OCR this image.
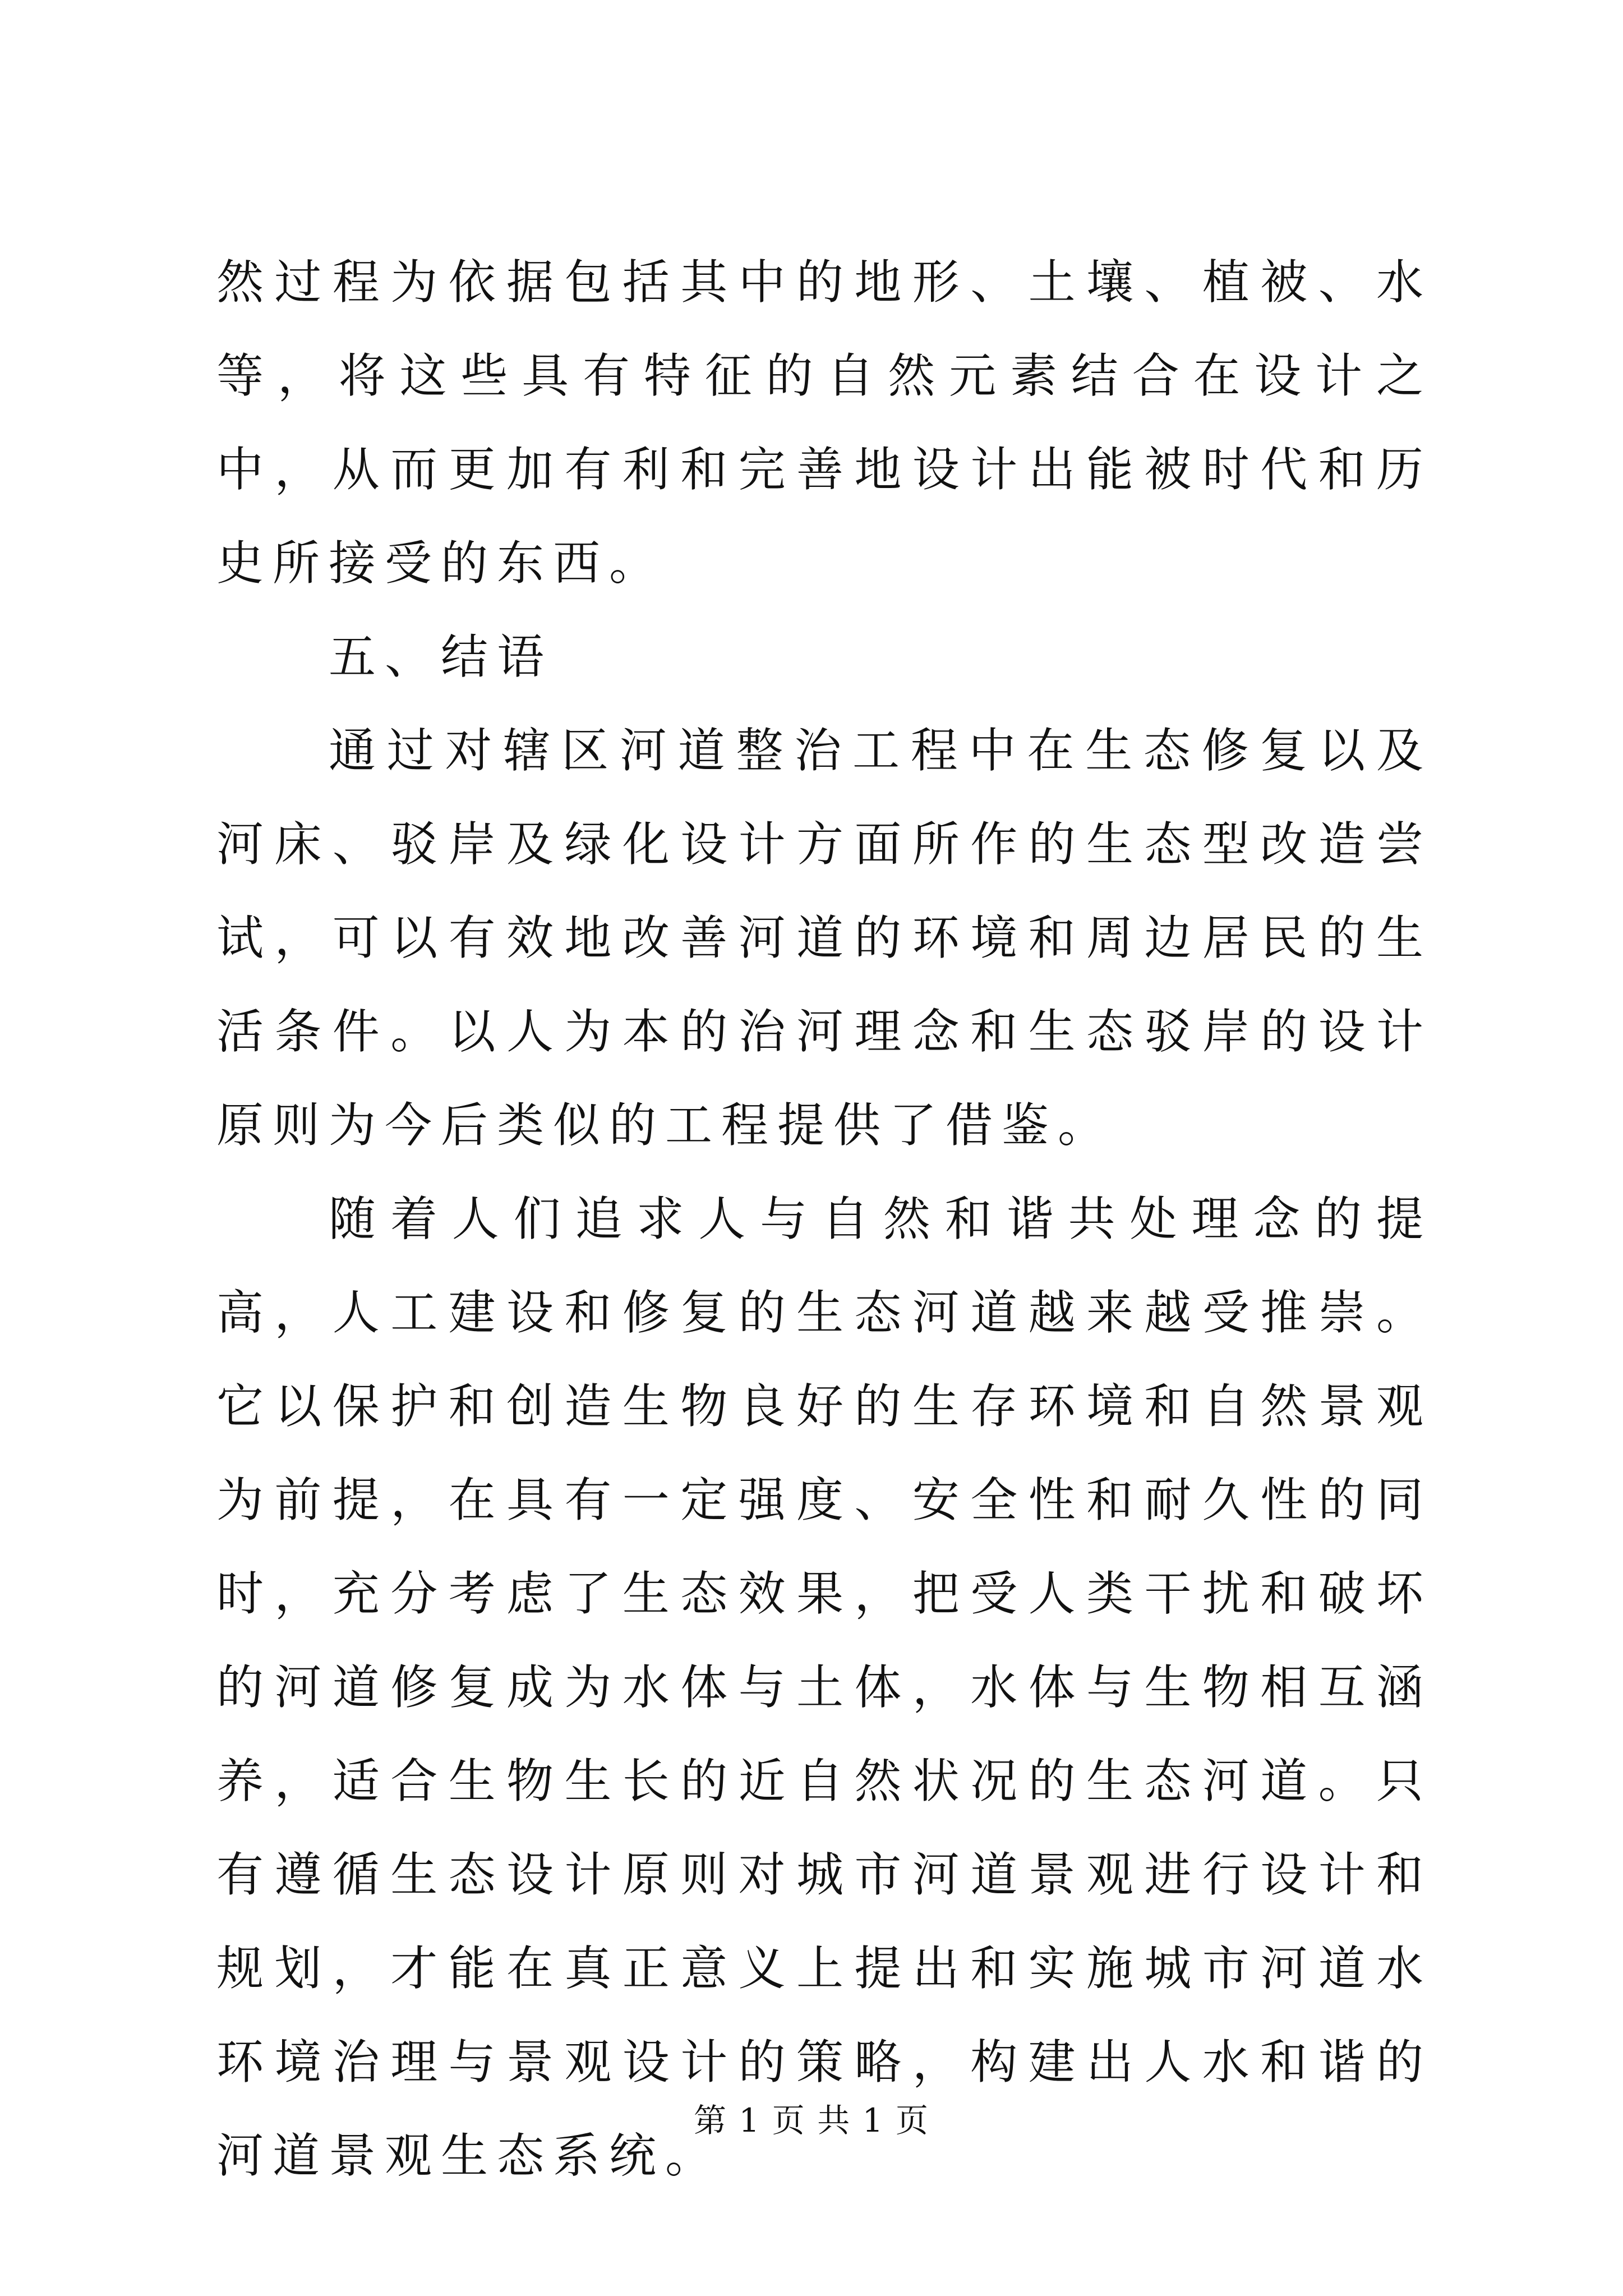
然过程为依据包括其中的地形、土壤、植被、水等，将这些具有特征的自然元素结合在设计之中，从而更加有利和完善地设计出能被时代和历史所接受的东西。

五、结语

通过对辖区河道整治工程中在生态修复以及河床、驳岸及绿化设计方面所作的生态型改造尝试，可以有效地改善河道的环境和周边居民的生活条件。以人为本的治河理念和生态驳岸的设计原则为今后类似的工程提供了借鉴。

随着人们追求人与自然和谐共处理念的提高，人工建设和修复的生态河道越来越受推崇。它以保护和创造生物良好的生存环境和自然景观为前提，在具有一定强度、安全性和耐久性的同时，充分考虑了生态效果，把受人类干扰和破坏的河道修复成为水体与土体，水体与生物相互涵养，适合生物生长的近自然状况的生态河道。只有遵循生态设计原则对城市河道景观进行设计和规划，才能在真正意义上提出和实施城市河道水环境治理与景观设计的策略，构建出人水和谐的河道景观生态系统。

第 1 页 共 1 页
